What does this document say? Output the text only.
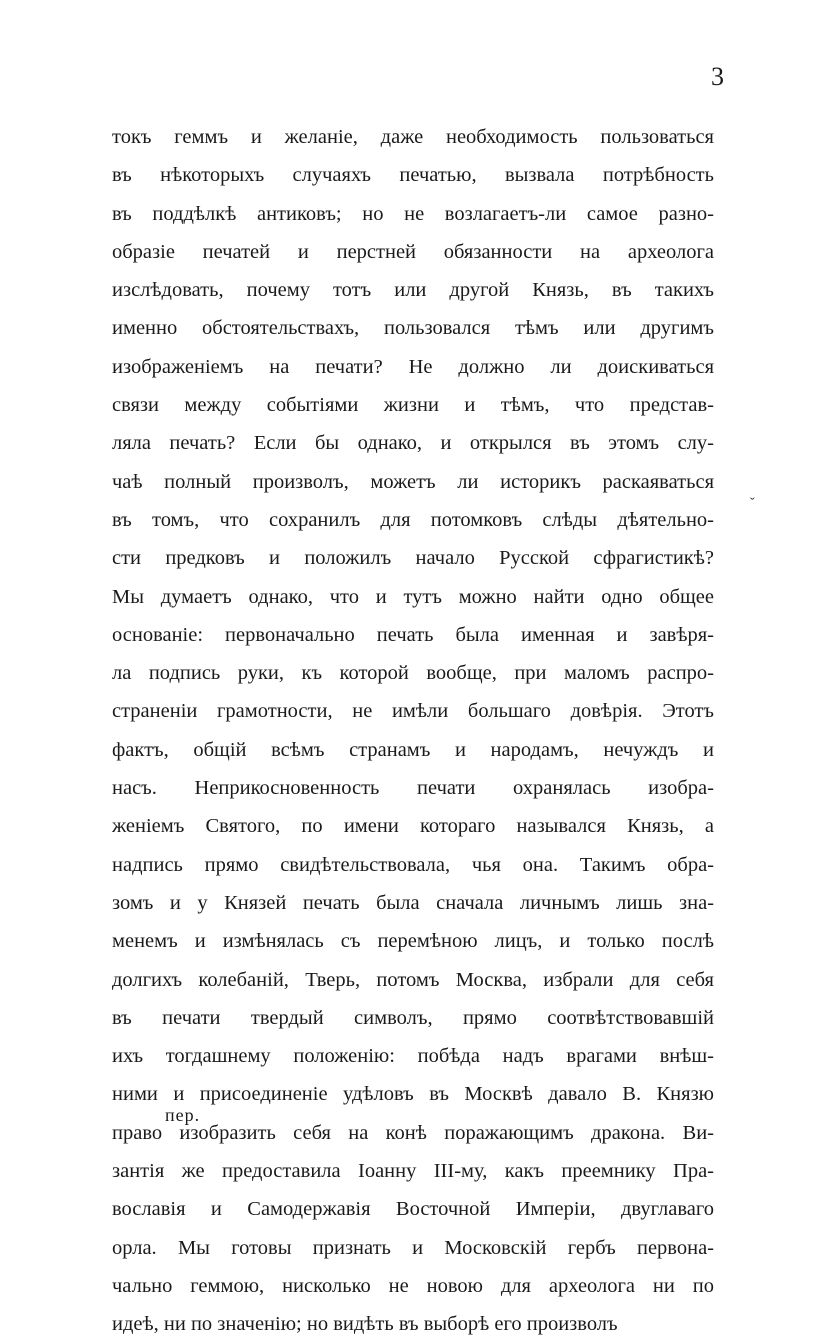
3
токъ геммъ и желаніе, даже необходимость пользоваться
въ нѣкоторыхъ случаяхъ печатью, вызвала потрѣбность
въ поддѣлкѣ антиковъ; но не возлагаетъ-ли самое разно-
образіе печатей и перстней обязанности на археолога
изслѣдовать, почему тотъ или другой Князь, въ такихъ
именно обстоятельствахъ, пользовался тѣмъ или другимъ
изображеніемъ на печати? Не должно ли доискиваться
связи между событіями жизни и тѣмъ, что представ-
ляла печать? Если бы однако, и открылся въ этомъ слу-
чаѣ полный произволъ, можетъ ли историкъ раскаяваться
въ томъ, что сохранилъ для потомковъ слѣды дѣятельно-
сти предковъ и положилъ начало Русской сфрагистикѣ?
Мы думаетъ однако, что и тутъ можно найти одно общее
основаніе: первоначально печать была именная и завѣря-
ла подпись руки, къ которой вообще, при маломъ распро-
страненіи грамотности, не имѣли большаго довѣрія. Этотъ
фактъ, общій всѣмъ странамъ и народамъ, нечуждъ и
насъ. Неприкосновенность печати охранялась изобра-
женіемъ Святого, по имени котораго назывался Князь, а
надпись прямо свидѣтельствовала, чья она. Такимъ обра-
зомъ и у Князей печать была сначала личнымъ лишь зна-
менемъ и измѣнялась съ перемѣною лицъ, и только послѣ
долгихъ колебаній, Тверь, потомъ Москва, избрали для себя
въ печати твердый символъ, прямо соотвѣтствовавшій
ихъ тогдашнему положенію: побѣда надъ врагами внѣш-
ними и присоединеніе удѣловъ въ Москвѣ давало В. Князю
право изобразить себя на конѣ поражающимъ дракона. Ви-
зантія же предоставила Іоанну III-му, какъ преемнику Пра-
вославія и Самодержавія Восточной Имперіи, двуглаваго
орла. Мы готовы признать и Московскій гербъ первона-
чально геммою, нисколько не новою для археолога ни по
идеѣ, ни по значенію; но видѣть въ выборѣ его произволъ
ˇ
пер.
